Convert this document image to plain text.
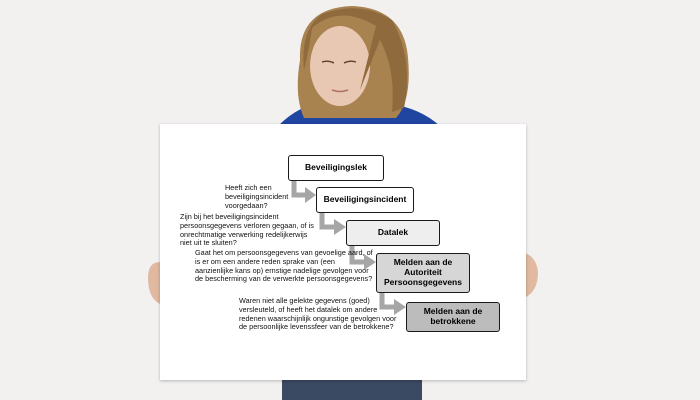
Beveiligingslek
Beveiligingsincident
Datalek
Melden aan de Autoriteit Persoonsgegevens
Melden aan de betrokkene
Heeft zich een beveiligingsincident voorgedaan?
Zijn bij het beveiligingsincident persoonsgegevens verloren gegaan, of is onrechtmatige verwerking redelijkerwijs niet uit te sluiten?
Gaat het om persoonsgegevens van gevoelige aard, of is er om een andere reden sprake van (een aanzienlijke kans op) ernstige nadelige gevolgen voor de bescherming van de verwerkte persoonsgegevens?
Waren niet alle gelekte gegevens (goed) versleuteld, of heeft het datalek om andere redenen waarschijnlijk ongunstige gevolgen voor de persoonlijke levenssfeer van de betrokkene?
